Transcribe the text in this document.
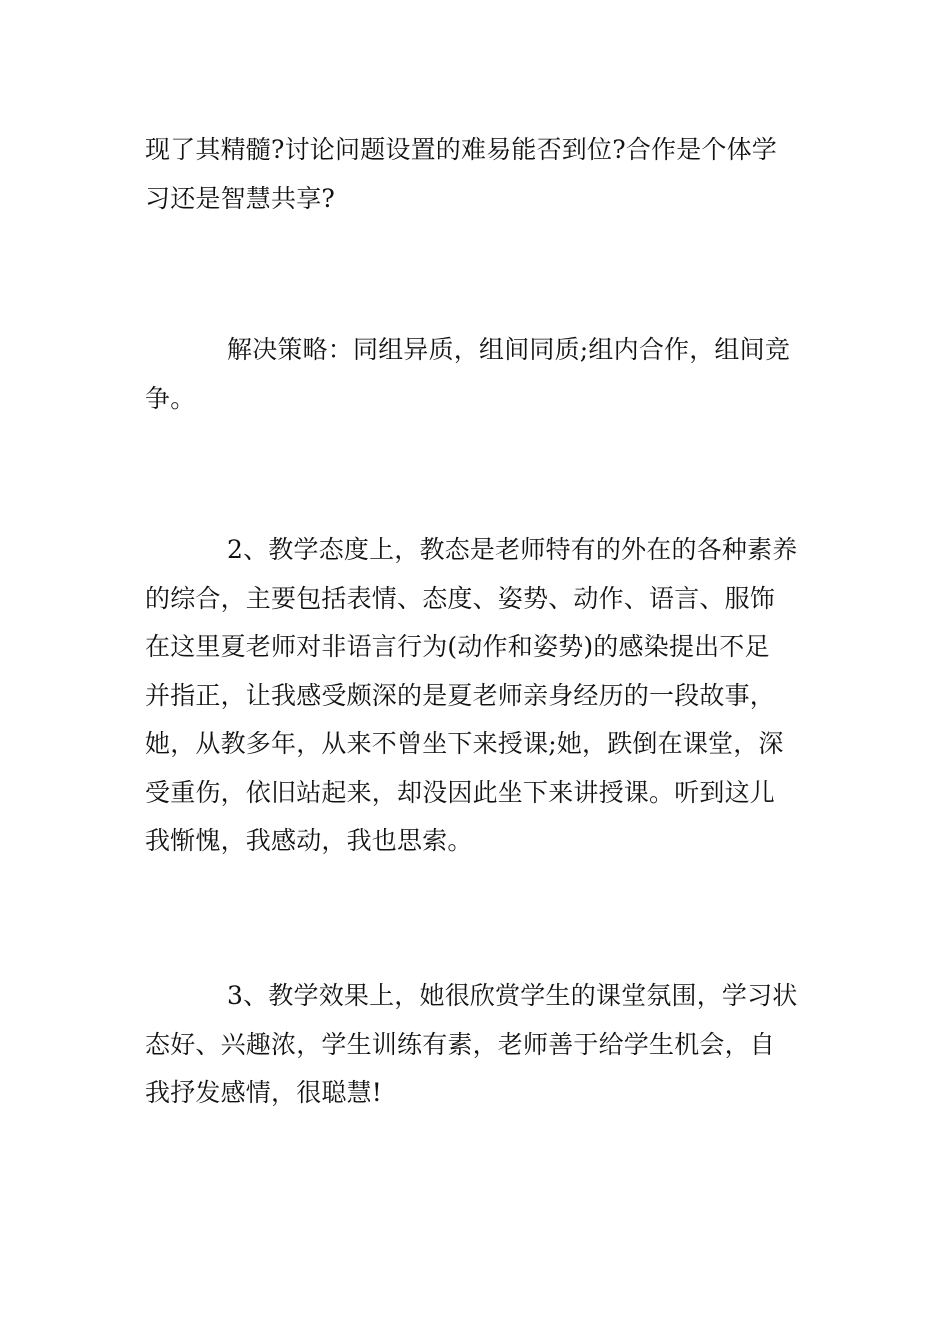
现了其精髓?讨论问题设置的难易能否到位?合作是个体学
习还是智慧共享?
解决策略：同组异质，组间同质;组内合作，组间竞
争。
2、教学态度上，教态是老师特有的外在的各种素养
的综合，主要包括表情、态度、姿势、动作、语言、服饰
在这里夏老师对非语言行为(动作和姿势)的感染提出不足
并指正，让我感受颇深的是夏老师亲身经历的一段故事，
她，从教多年，从来不曾坐下来授课;她，跌倒在课堂，深
受重伤，依旧站起来，却没因此坐下来讲授课。听到这儿
我惭愧，我感动，我也思索。
3、教学效果上，她很欣赏学生的课堂氛围，学习状
态好、兴趣浓，学生训练有素，老师善于给学生机会，自
我抒发感情，很聪慧!
